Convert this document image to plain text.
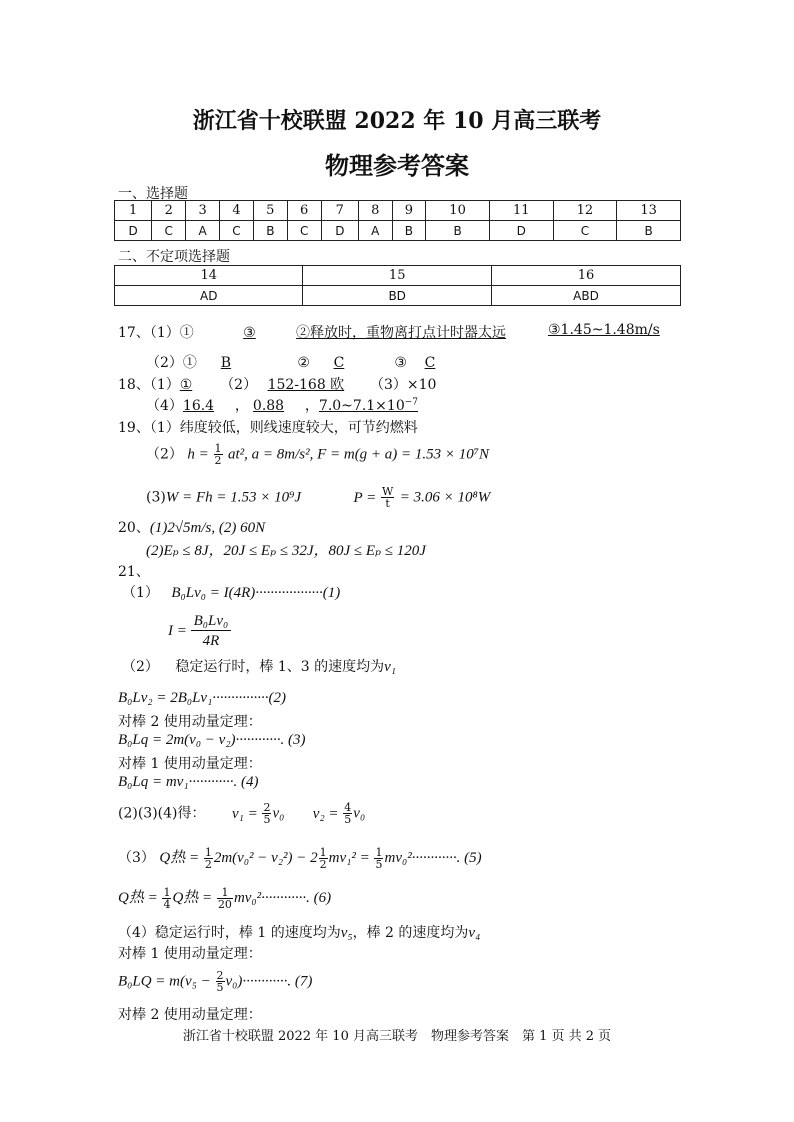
浙江省十校联盟 2022 年 10 月高三联考
物理参考答案
一、选择题
1	2	3	4	5	6	7	8	9	10	11	12	13
D	C	A	C	B	C	D	A	B	B	D	C	B
二、不定项选择题
14	15	16
AD	BD	ABD
17、（1）①	③	②释放时，重物离打点计时器太远	③1.45~1.48m/s
（2）① B	② C	③ C
18、（1）① （2） 152-168 欧 （3）×10
（4）16.4 ， 0.88 ，$7.0\sim 7.1\times 10^{-7}$
19、（1）纬度较低，则线速度较大，可节约燃料
（2） $h = \frac{1}{2} at^2$, a = 8m/s², F = m(g + a) = 1.53 × 10⁷N
(3)W = Fh = 1.53 × 10⁹J	$P = \frac{W}{t} = 3.06 \times 10^8W$
20、(1)2√5m/s, (2) 60N
(2)Eₚ ≤ 8J，20J ≤ Eₚ ≤ 32J，80J ≤ Eₚ ≤ 120J
21、
（1） B₀Lv₀ = I(4R)··················(1)
$I = \frac{\text{B₀Lv₀}}{4R}$
（2） 稳定运行时，棒 1、3 的速度均为v₁
B₀Lv₂ = 2B₀Lv₁···············(2)
对棒 2 使用动量定理：
B₀Lq = 2m(v₀ − v₂)············. (3)
对棒 1 使用动量定理：
B₀Lq = mv₁············. (4)
(2)(3)(4)得： $v_1 = \frac{2}{5} v_0$ $v_2 = \frac{4}{5} v_0$
（3） Q热 = $\frac{1}{2} 2m(v_0^2 - v_2^2) - 2 \frac{1}{2} mv_1^2 = \frac{1}{5} mv_0^2\cdot\cdot\cdot\cdot\cdot\cdot\cdot\cdot\cdot\cdot\cdot\cdot$. (5)
Q热 = $\frac{1}{4}$ Q热 = $\frac{1}{20} mv_0^2\cdot\cdot\cdot\cdot\cdot\cdot\cdot\cdot\cdot\cdot\cdot\cdot$. (6)
（4）稳定运行时，棒 1 的速度均为v₅，棒 2 的速度均为v₄
对棒 1 使用动量定理：
$B_0LQ = m(v_5 - \frac{2}{5} v_0)\cdot\cdot\cdot\cdot\cdot\cdot\cdot\cdot\cdot\cdot\cdot\cdot$. (7)
对棒 2 使用动量定理：
浙江省十校联盟 2022 年 10 月高三联考　物理参考答案　第 1 页 共 2 页
